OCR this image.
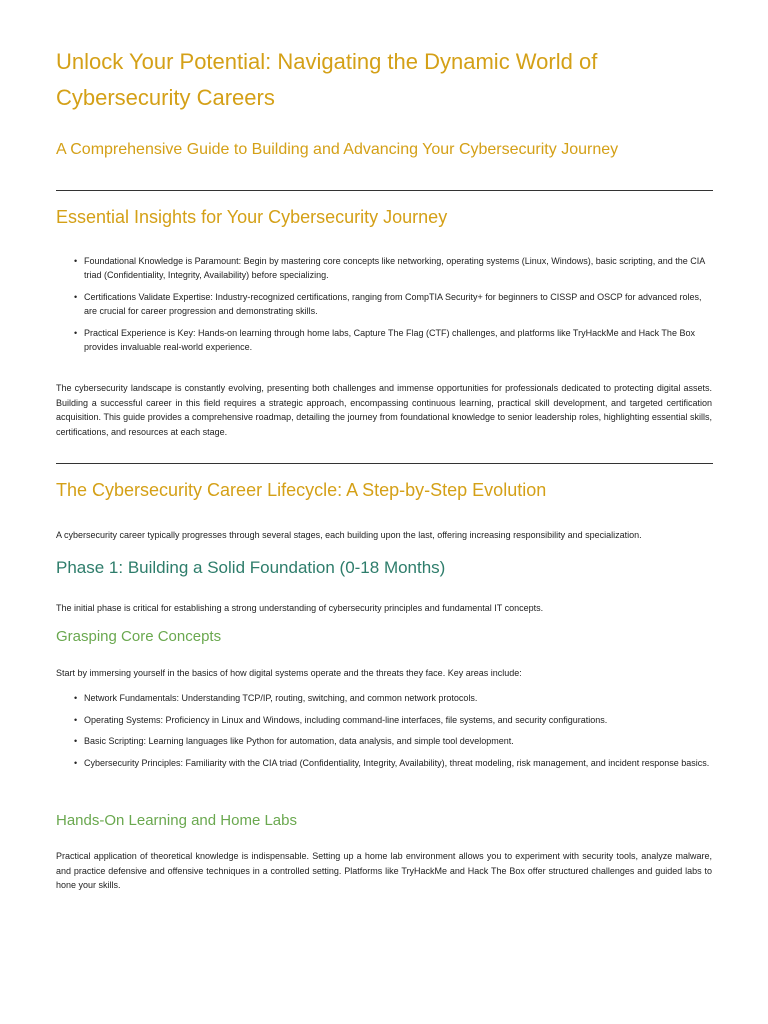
Unlock Your Potential: Navigating the Dynamic World of Cybersecurity Careers
A Comprehensive Guide to Building and Advancing Your Cybersecurity Journey
Essential Insights for Your Cybersecurity Journey
• Foundational Knowledge is Paramount: Begin by mastering core concepts like networking, operating systems (Linux, Windows), basic scripting, and the CIA triad (Confidentiality, Integrity, Availability) before specializing.
• Certifications Validate Expertise: Industry-recognized certifications, ranging from CompTIA Security+ for beginners to CISSP and OSCP for advanced roles, are crucial for career progression and demonstrating skills.
• Practical Experience is Key: Hands-on learning through home labs, Capture The Flag (CTF) challenges, and platforms like TryHackMe and Hack The Box provides invaluable real-world experience.

The cybersecurity landscape is constantly evolving, presenting both challenges and immense opportunities for professionals dedicated to protecting digital assets. Building a successful career in this field requires a strategic approach, encompassing continuous learning, practical skill development, and targeted certification acquisition. This guide provides a comprehensive roadmap, detailing the journey from foundational knowledge to senior leadership roles, highlighting essential skills, certifications, and resources at each stage.

The Cybersecurity Career Lifecycle: A Step-by-Step Evolution

A cybersecurity career typically progresses through several stages, each building upon the last, offering increasing responsibility and specialization.

Phase 1: Building a Solid Foundation (0-18 Months)

The initial phase is critical for establishing a strong understanding of cybersecurity principles and fundamental IT concepts.

Grasping Core Concepts

Start by immersing yourself in the basics of how digital systems operate and the threats they face. Key areas include:

• Network Fundamentals: Understanding TCP/IP, routing, switching, and common network protocols.
• Operating Systems: Proficiency in Linux and Windows, including command-line interfaces, file systems, and security configurations.
• Basic Scripting: Learning languages like Python for automation, data analysis, and simple tool development.
• Cybersecurity Principles: Familiarity with the CIA triad (Confidentiality, Integrity, Availability), threat modeling, risk management, and incident response basics.
Hands-On Learning and Home Labs

Practical application of theoretical knowledge is indispensable. Setting up a home lab environment allows you to experiment with security tools, analyze malware, and practice defensive and offensive techniques in a controlled setting. Platforms like TryHackMe and Hack The Box offer structured challenges and guided labs to hone your skills.
